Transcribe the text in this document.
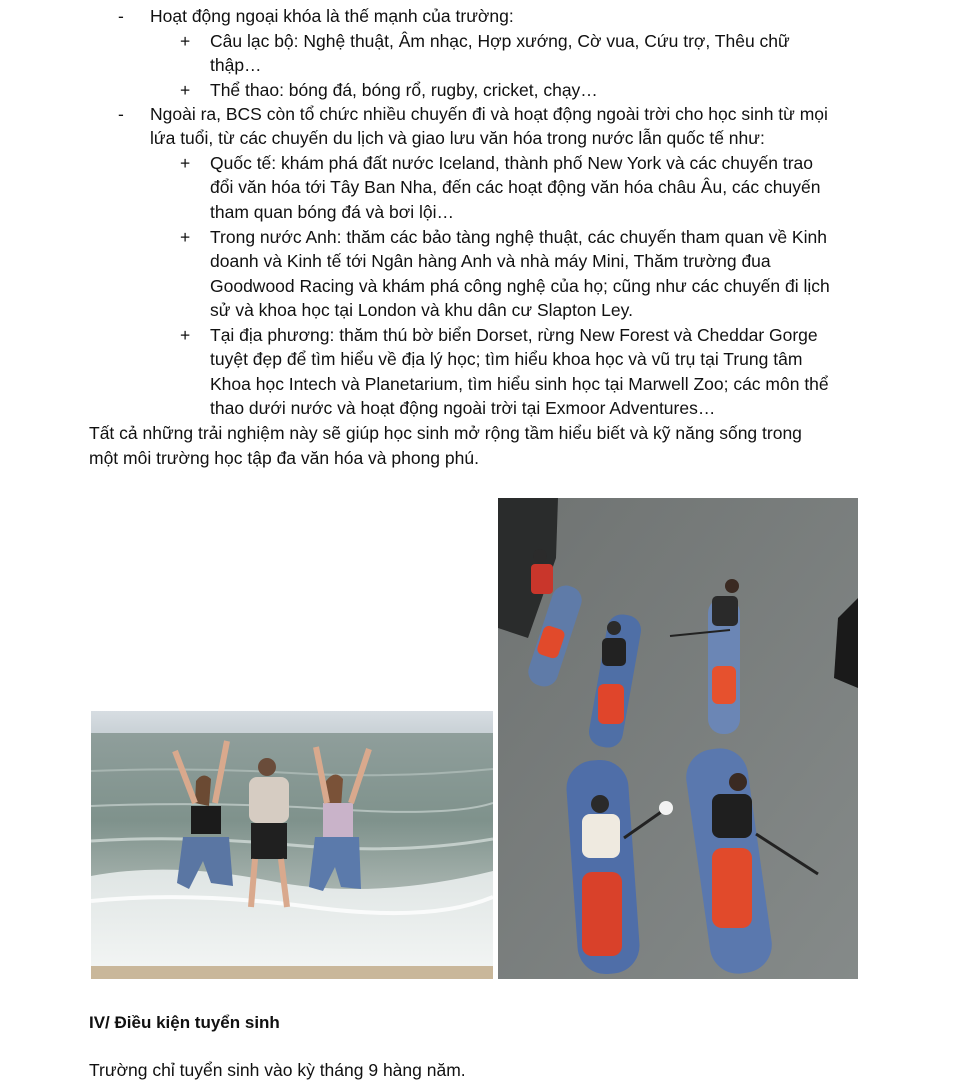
- Hoạt động ngoại khóa là thế mạnh của trường:
+ Câu lạc bộ: Nghệ thuật, Âm nhạc, Hợp xướng, Cờ vua, Cứu trợ, Thêu chữ
thập…
+ Thể thao: bóng đá, bóng rổ, rugby, cricket, chạy…
- Ngoài ra, BCS còn tổ chức nhiều chuyến đi và hoạt động ngoài trời cho học sinh từ mọi
lứa tuổi, từ các chuyến du lịch và giao lưu văn hóa trong nước lẫn quốc tế như:
+ Quốc tế: khám phá đất nước Iceland, thành phố New York và các chuyến trao
đổi văn hóa tới Tây Ban Nha, đến các hoạt động văn hóa châu Âu, các chuyến
tham quan bóng đá và bơi lội…
+ Trong nước Anh: thăm các bảo tàng nghệ thuật, các chuyến tham quan về Kinh
doanh và Kinh tế tới Ngân hàng Anh và nhà máy Mini, Thăm trường đua
Goodwood Racing và khám phá công nghệ của họ; cũng như các chuyến đi lịch
sử và khoa học tại London và khu dân cư Slapton Ley.
+ Tại địa phương: thăm thú bờ biển Dorset, rừng New Forest và Cheddar Gorge
tuyệt đẹp để tìm hiểu về địa lý học; tìm hiểu khoa học và vũ trụ tại Trung tâm
Khoa học Intech và Planetarium, tìm hiểu sinh học tại Marwell Zoo; các môn thể
thao dưới nước và hoạt động ngoài trời tại Exmoor Adventures…
Tất cả những trải nghiệm này sẽ giúp học sinh mở rộng tầm hiểu biết và kỹ năng sống trong
một môi trường học tập đa văn hóa và phong phú.
IV/ Điều kiện tuyển sinh
Trường chỉ tuyển sinh vào kỳ tháng 9 hàng năm.
